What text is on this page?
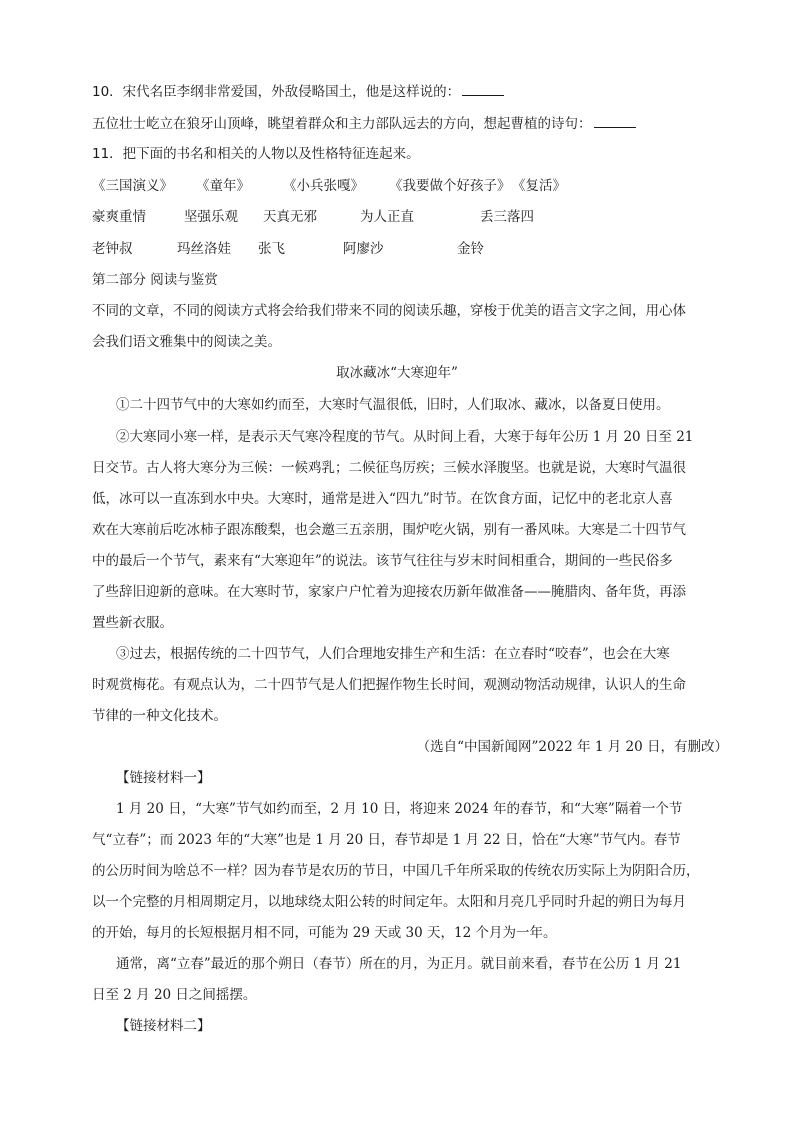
10．宋代名臣李纲非常爱国，外敌侵略国土，他是这样说的：
五位壮士屹立在狼牙山顶峰，眺望着群众和主力部队远去的方向，想起曹植的诗句：
11．把下面的书名和相关的人物以及性格特征连起来。
《三国演义》 《童年》 《小兵张嘎》 《我要做个好孩子》 《复活》
豪爽重情	坚强乐观 天真无邪	为人正直	丢三落四
老钟叔	玛丝洛娃 张飞	阿廖沙	金铃
第二部分 阅读与鉴赏
不同的文章，不同的阅读方式将会给我们带来不同的阅读乐趣，穿梭于优美的语言文字之间，用心体
会我们语文雅集中的阅读之美。
取冰藏冰“大寒迎年”
①二十四节气中的大寒如约而至，大寒时气温很低，旧时，人们取冰、藏冰，以备夏日使用。
②大寒同小寒一样，是表示天气寒冷程度的节气。从时间上看，大寒于每年公历 1 月 20 日至 21
日交节。古人将大寒分为三候：一候鸡乳；二候征鸟厉疾；三候水泽腹坚。也就是说，大寒时气温很
低，冰可以一直冻到水中央。大寒时，通常是进入“四九”时节。在饮食方面，记忆中的老北京人喜
欢在大寒前后吃冰柿子跟冻酸梨，也会邀三五亲朋，围炉吃火锅，别有一番风味。大寒是二十四节气
中的最后一个节气，素来有“大寒迎年”的说法。该节气往往与岁末时间相重合，期间的一些民俗多
了些辞旧迎新的意味。在大寒时节，家家户户忙着为迎接农历新年做准备——腌腊肉、备年货，再添
置些新衣服。
③过去，根据传统的二十四节气，人们合理地安排生产和生活：在立春时“咬春”，也会在大寒
时观赏梅花。有观点认为，二十四节气是人们把握作物生长时间，观测动物活动规律，认识人的生命
节律的一种文化技术。
（选自“中国新闻网”2022 年 1 月 20 日，有删改）
【链接材料一】
1 月 20 日，“大寒”节气如约而至，2 月 10 日，将迎来 2024 年的春节，和“大寒”隔着一个节
气“立春”；而 2023 年的“大寒”也是 1 月 20 日，春节却是 1 月 22 日，恰在“大寒”节气内。春节
的公历时间为啥总不一样？因为春节是农历的节日，中国几千年所采取的传统农历实际上为阴阳合历，
以一个完整的月相周期定月，以地球绕太阳公转的时间定年。太阳和月亮几乎同时升起的朔日为每月
的开始，每月的长短根据月相不同，可能为 29 天或 30 天，12 个月为一年。
通常，离“立春”最近的那个朔日（春节）所在的月，为正月。就目前来看，春节在公历 1 月 21
日至 2 月 20 日之间摇摆。
【链接材料二】
